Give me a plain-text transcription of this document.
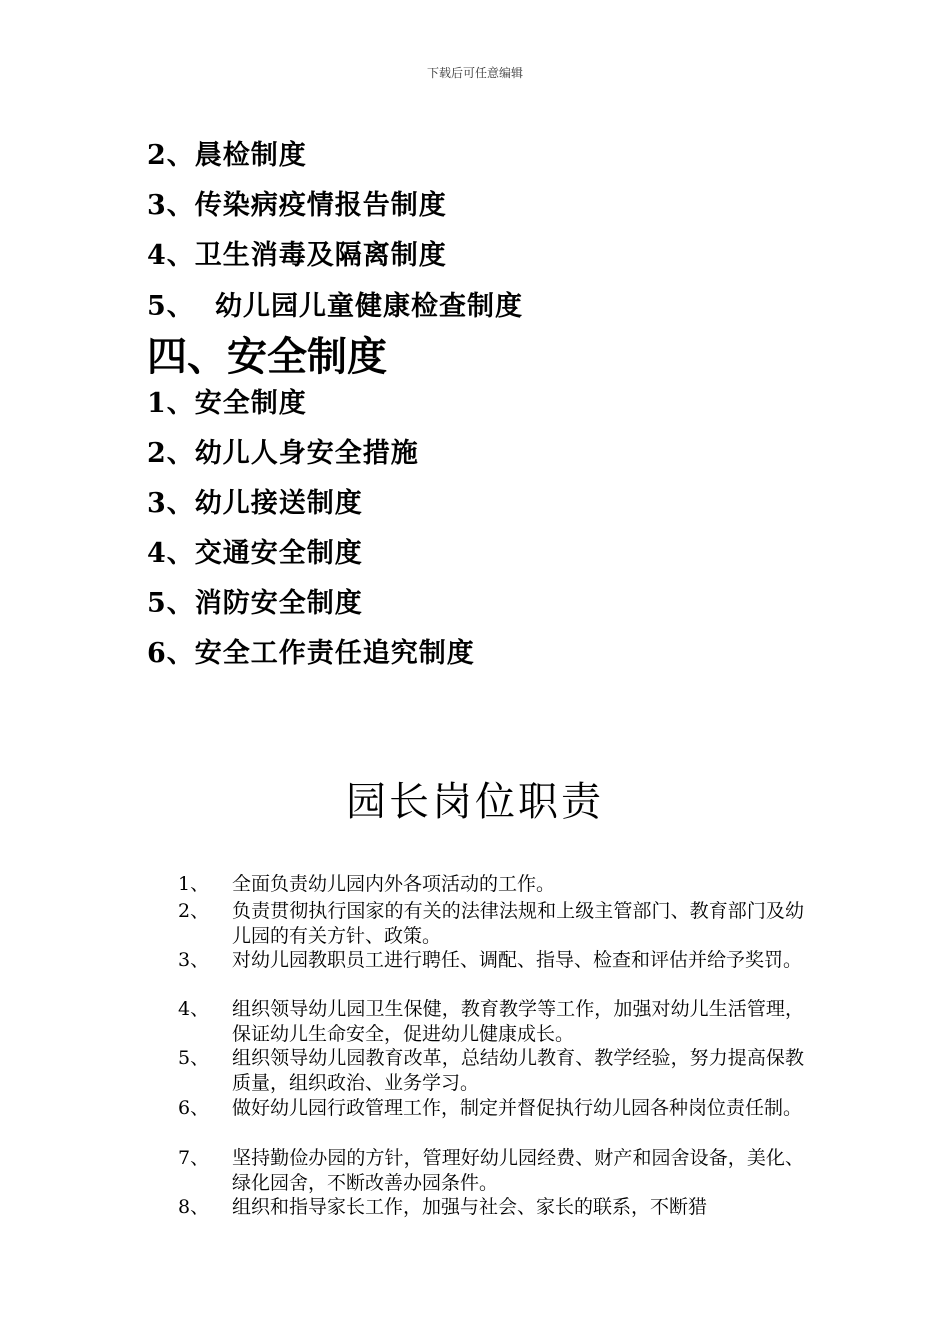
下载后可任意编辑
2、晨检制度
3、传染病疫情报告制度
4、卫生消毒及隔离制度
5、 幼儿园儿童健康检查制度
四、安全制度
1、安全制度
2、幼儿人身安全措施
3、幼儿接送制度
4、交通安全制度
5、消防安全制度
6、安全工作责任追究制度
园长岗位职责
1、	全面负责幼儿园内外各项活动的工作。
2、	负责贯彻执行国家的有关的法律法规和上级主管部门、教育部门及幼儿园的有关方针、政策。
3、	对幼儿园教职员工进行聘任、调配、指导、检查和评估并给予奖罚。
4、	组织领导幼儿园卫生保健，教育教学等工作，加强对幼儿生活管理，保证幼儿生命安全，促进幼儿健康成长。
5、	组织领导幼儿园教育改革，总结幼儿教育、教学经验，努力提高保教质量，组织政治、业务学习。
6、	做好幼儿园行政管理工作，制定并督促执行幼儿园各种岗位责任制。
7、	坚持勤俭办园的方针，管理好幼儿园经费、财产和园舍设备，美化、绿化园舍，不断改善办园条件。
8、	组织和指导家长工作，加强与社会、家长的联系，不断猎
